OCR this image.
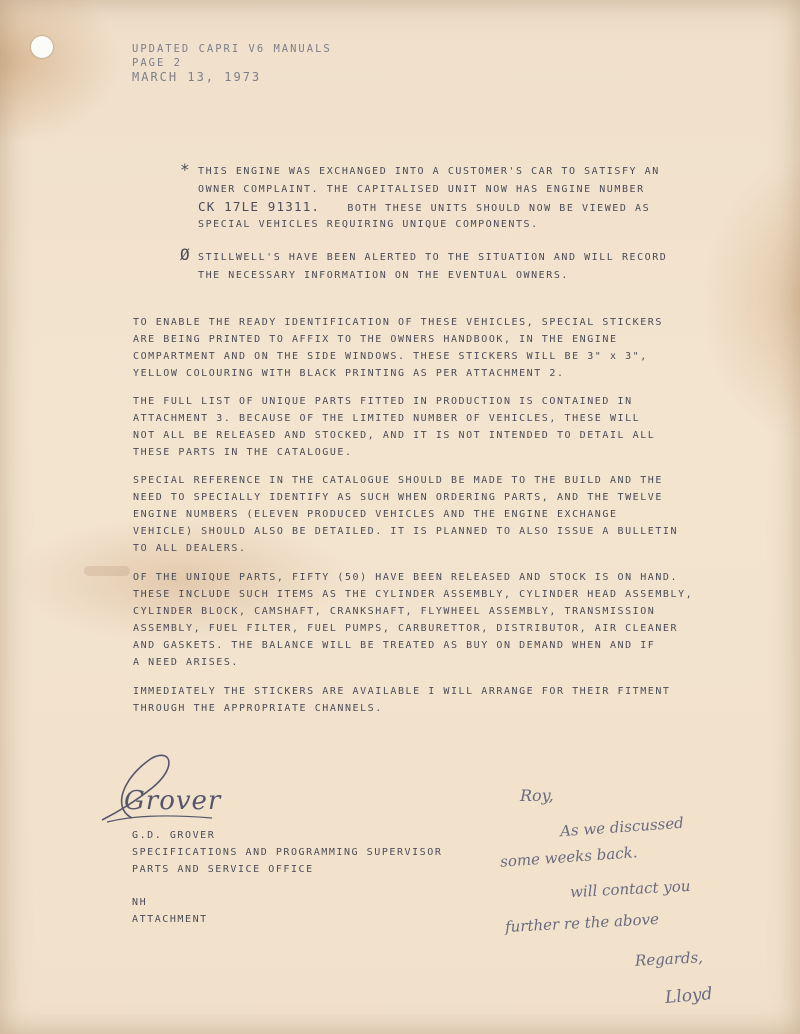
UPDATED CAPRI V6 MANUALS
PAGE 2
MARCH 13, 1973
* THIS ENGINE WAS EXCHANGED INTO A CUSTOMER'S CAR TO SATISFY AN
OWNER COMPLAINT. THE CAPITALISED UNIT NOW HAS ENGINE NUMBER
CK 17LE 91311.	BOTH THESE UNITS SHOULD NOW BE VIEWED AS
SPECIAL VEHICLES REQUIRING UNIQUE COMPONENTS.
Ø STILLWELL'S HAVE BEEN ALERTED TO THE SITUATION AND WILL RECORD
THE NECESSARY INFORMATION ON THE EVENTUAL OWNERS.
TO ENABLE THE READY IDENTIFICATION OF THESE VEHICLES, SPECIAL STICKERS
ARE BEING PRINTED TO AFFIX TO THE OWNERS HANDBOOK, IN THE ENGINE
COMPARTMENT AND ON THE SIDE WINDOWS. THESE STICKERS WILL BE 3" x 3",
YELLOW COLOURING WITH BLACK PRINTING AS PER ATTACHMENT 2.
THE FULL LIST OF UNIQUE PARTS FITTED IN PRODUCTION IS CONTAINED IN
ATTACHMENT 3. BECAUSE OF THE LIMITED NUMBER OF VEHICLES, THESE WILL
NOT ALL BE RELEASED AND STOCKED, AND IT IS NOT INTENDED TO DETAIL ALL
THESE PARTS IN THE CATALOGUE.
SPECIAL REFERENCE IN THE CATALOGUE SHOULD BE MADE TO THE BUILD AND THE
NEED TO SPECIALLY IDENTIFY AS SUCH WHEN ORDERING PARTS, AND THE TWELVE
ENGINE NUMBERS (ELEVEN PRODUCED VEHICLES AND THE ENGINE EXCHANGE
VEHICLE) SHOULD ALSO BE DETAILED. IT IS PLANNED TO ALSO ISSUE A BULLETIN
TO ALL DEALERS.
OF THE UNIQUE PARTS, FIFTY (50) HAVE BEEN RELEASED AND STOCK IS ON HAND.
THESE INCLUDE SUCH ITEMS AS THE CYLINDER ASSEMBLY, CYLINDER HEAD ASSEMBLY,
CYLINDER BLOCK, CAMSHAFT, CRANKSHAFT, FLYWHEEL ASSEMBLY, TRANSMISSION
ASSEMBLY, FUEL FILTER, FUEL PUMPS, CARBURETTOR, DISTRIBUTOR, AIR CLEANER
AND GASKETS. THE BALANCE WILL BE TREATED AS BUY ON DEMAND WHEN AND IF
A NEED ARISES.
IMMEDIATELY THE STICKERS ARE AVAILABLE I WILL ARRANGE FOR THEIR FITMENT
THROUGH THE APPROPRIATE CHANNELS.
Grover
G.D. GROVER
SPECIFICATIONS AND PROGRAMMING SUPERVISOR
PARTS AND SERVICE OFFICE
NH
ATTACHMENT
Roy,
As we discussed
some weeks back.
will contact you
further re the above
Regards,
Lloyd
